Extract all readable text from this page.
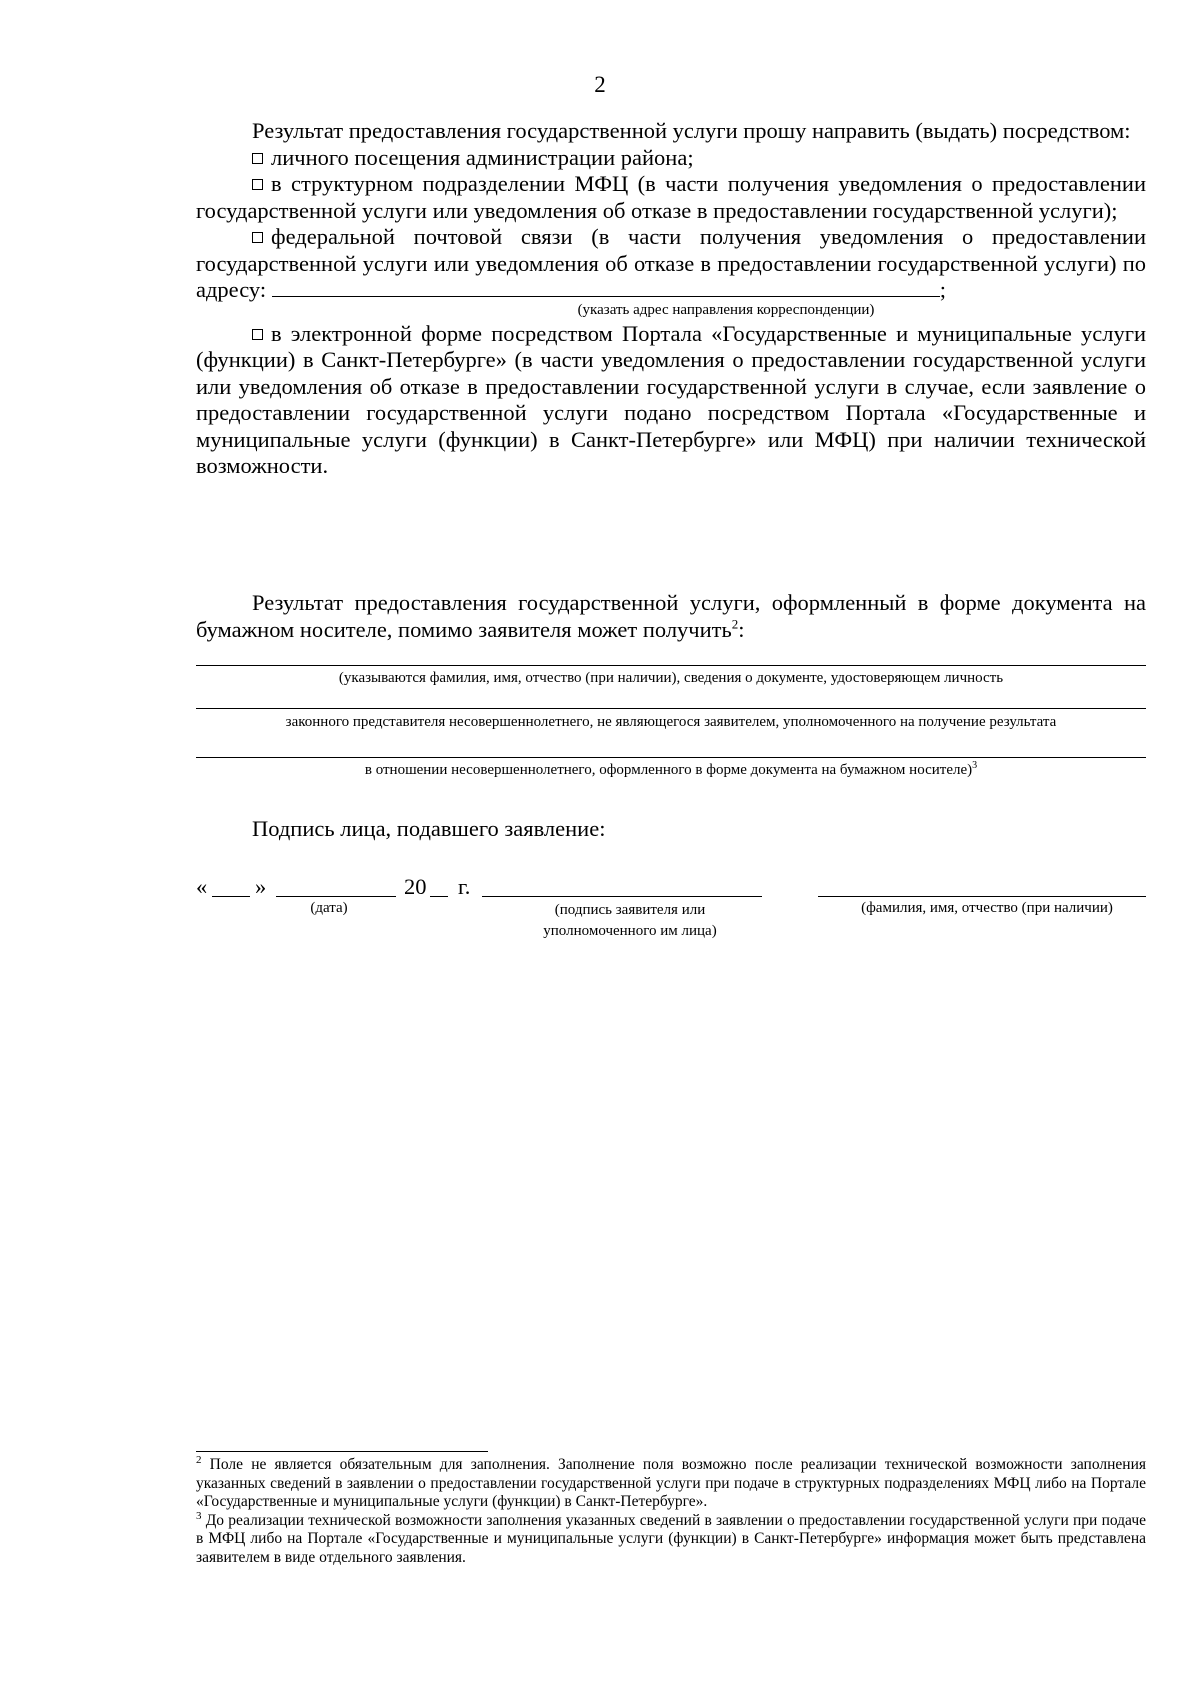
2

Результат предоставления государственной услуги прошу направить (выдать) посредством:

личного посещения администрации района;

в структурном подразделении МФЦ (в части получения уведомления о предоставлении государственной услуги или уведомления об отказе в предоставлении государственной услуги);

федеральной почтовой связи (в части получения уведомления о предоставлении государственной услуги или уведомления об отказе в предоставлении государственной услуги) по адресу:	;

(указать адрес направления корреспонденции)

в электронной форме посредством Портала «Государственные и муниципальные услуги (функции) в Санкт-Петербурге» (в части уведомления о предоставлении государственной услуги или уведомления об отказе в предоставлении государственной услуги в случае, если заявление о предоставлении государственной услуги подано посредством Портала «Государственные и муниципальные услуги (функции) в Санкт-Петербурге» или МФЦ) при наличии технической возможности.

Результат предоставления государственной услуги, оформленный в форме документа на бумажном носителе, помимо заявителя может получить$^2$:

(указываются фамилия, имя, отчество (при наличии), сведения о документе, удостоверяющем личность
законного представителя несовершеннолетнего, не являющегося заявителем, уполномоченного на получение результата
в отношении несовершеннолетнего, оформленного в форме документа на бумажном носителе)$^3$
Подпись лица, подавшего заявление:
« »	20 г.
(дата)	(подпись заявителя или
уполномоченного им лица)
(фамилия, имя, отчество (при наличии)

$^2$ Поле не является обязательным для заполнения. Заполнение поля возможно после реализации технической возможности заполнения указанных сведений в заявлении о предоставлении государственной услуги при подаче в структурных подразделениях МФЦ либо на Портале «Государственные и муниципальные услуги (функции) в Санкт-Петербурге».

$^3$ До реализации технической возможности заполнения указанных сведений в заявлении о предоставлении государственной услуги при подаче в МФЦ либо на Портале «Государственные и муниципальные услуги (функции) в Санкт-Петербурге» информация может быть представлена заявителем в виде отдельного заявления.
